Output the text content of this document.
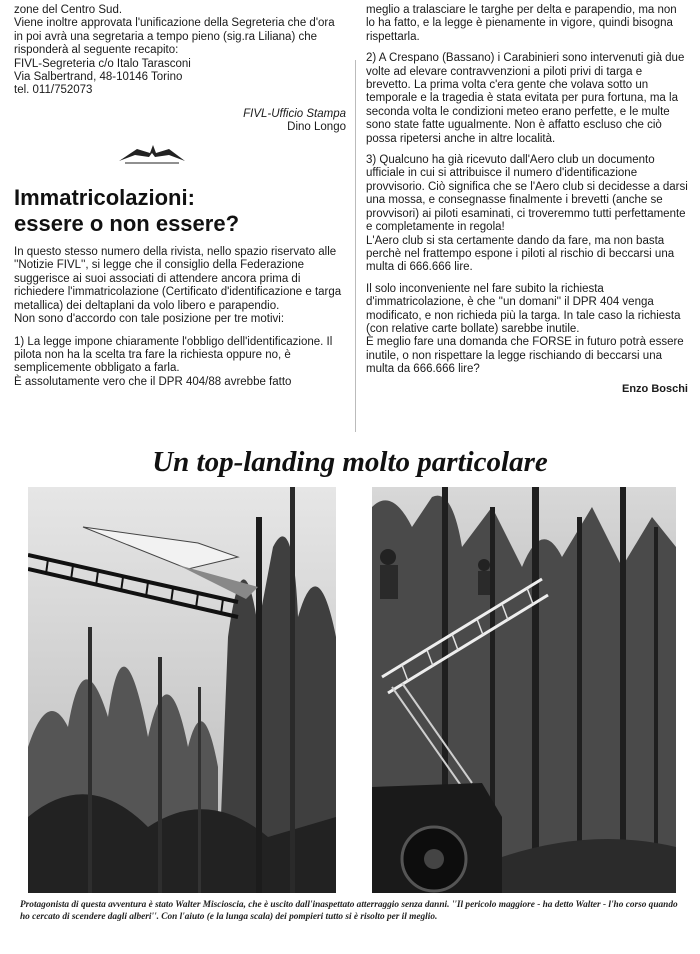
zone del Centro Sud.

Viene inoltre approvata l'unificazione della Segreteria che d'ora in poi avrà una segretaria a tempo pieno (sig.ra Liliana) che risponderà al seguente recapito:

FIVL-Segreteria c/o Italo Tarasconi

Via Salbertrand, 48-10146 Torino

tel. 011/752073

FIVL-Ufficio Stampa

Dino Longo

Immatricolazioni:
essere o non essere?

In questo stesso numero della rivista, nello spazio riservato alle ''Notizie FIVL'', si legge che il consiglio della Federazione suggerisce ai suoi associati di attendere ancora prima di richiedere l'immatricolazione (Certificato d'identificazione e targa metallica) dei deltaplani da volo libero e parapendio.

Non sono d'accordo con tale posizione per tre motivi:

1) La legge impone chiaramente l'obbligo dell'identificazione. Il pilota non ha la scelta tra fare la richiesta oppure no, è semplicemente obbligato a farla.

È assolutamente vero che il DPR 404/88 avrebbe fatto

meglio a tralasciare le targhe per delta e parapendio, ma non lo ha fatto, e la legge è pienamente in vigore, quindi bisogna rispettarla.

2) A Crespano (Bassano) i Carabinieri sono intervenuti già due volte ad elevare contravvenzioni a piloti privi di targa e brevetto. La prima volta c'era gente che volava sotto un temporale e la tragedia è stata evitata per pura fortuna, ma la seconda volta le condizioni meteo erano perfette, e le multe sono state fatte ugualmente. Non è affatto escluso che ciò possa ripetersi anche in altre località.

3) Qualcuno ha già ricevuto dall'Aero club un documento ufficiale in cui si attribuisce il numero d'identificazione provvisorio. Ciò significa che se l'Aero club si decidesse a darsi una mossa, e consegnasse finalmente i brevetti (anche se provvisori) ai piloti esaminati, ci troveremmo tutti perfettamente e completamente in regola!

L'Aero club si sta certamente dando da fare, ma non basta perchè nel frattempo espone i piloti al rischio di beccarsi una multa di 666.666 lire.

Il solo inconveniente nel fare subito la richiesta d'immatricolazione, è che ''un domani'' il DPR 404 venga modificato, e non richieda più la targa. In tale caso la richiesta (con relative carte bollate) sarebbe inutile.

È meglio fare una domanda che FORSE in futuro potrà essere inutile, o non rispettare la legge rischiando di beccarsi una multa da 666.666 lire?

Enzo Boschi

Un top-landing molto particolare
Protagonista di questa avventura è stato Walter Miscioscia, che è uscito dall'inaspettato atterraggio senza danni. ''Il pericolo maggiore - ha detto Walter - l'ho corso quando ho cercato di scendere dagli alberi''. Con l'aiuto (e la lunga scala) dei pompieri tutto si è risolto per il meglio.
